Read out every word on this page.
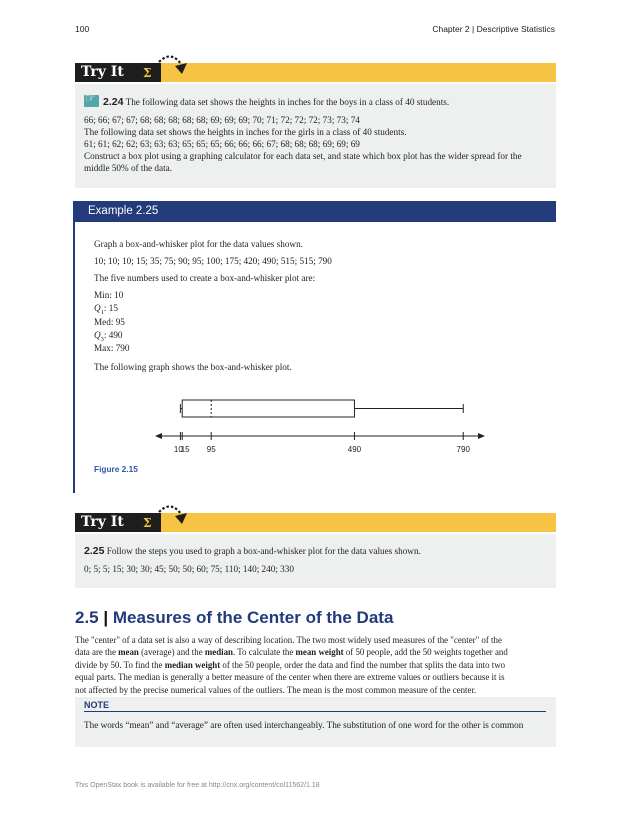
100	Chapter 2 | Descriptive Statistics
Try It	Σ
☞2.24 The following data set shows the heights in inches for the boys in a class of 40 students.
66; 66; 67; 67; 68; 68; 68; 68; 68; 69; 69; 69; 70; 71; 72; 72; 72; 73; 73; 74
The following data set shows the heights in inches for the girls in a class of 40 students.
61; 61; 62; 62; 63; 63; 63; 65; 65; 65; 66; 66; 66; 67; 68; 68; 68; 69; 69; 69
Construct a box plot using a graphing calculator for each data set, and state which box plot has the wider spread for the
middle 50% of the data.
Example 2.25
Graph a box-and-whisker plot for the data values shown.
10; 10; 10; 15; 35; 75; 90; 95; 100; 175; 420; 490; 515; 515; 790
The five numbers used to create a box-and-whisker plot are:
Min: 10
$Q_1$: 15
Med: 95
$Q_3$: 490
Max: 790
The following graph shows the box-and-whisker plot.
10
15 95	490	790
Figure 2.15
Try It	Σ
2.25 Follow the steps you used to graph a box-and-whisker plot for the data values shown.
0; 5; 5; 15; 30; 30; 45; 50; 50; 60; 75; 110; 140; 240; 330
2.5 | Measures of the Center of the Data
The "center" of a data set is also a way of describing location. The two most widely used measures of the "center" of the
data are the mean (average) and the median. To calculate the mean weight of 50 people, add the 50 weights together and
divide by 50. To find the median weight of the 50 people, order the data and find the number that splits the data into two
equal parts. The median is generally a better measure of the center when there are extreme values or outliers because it is
not affected by the precise numerical values of the outliers. The mean is the most common measure of the center.
NOTE
The words “mean” and “average” are often used interchangeably. The substitution of one word for the other is common
This OpenStax book is available for free at http://cnx.org/content/col11562/1.18
